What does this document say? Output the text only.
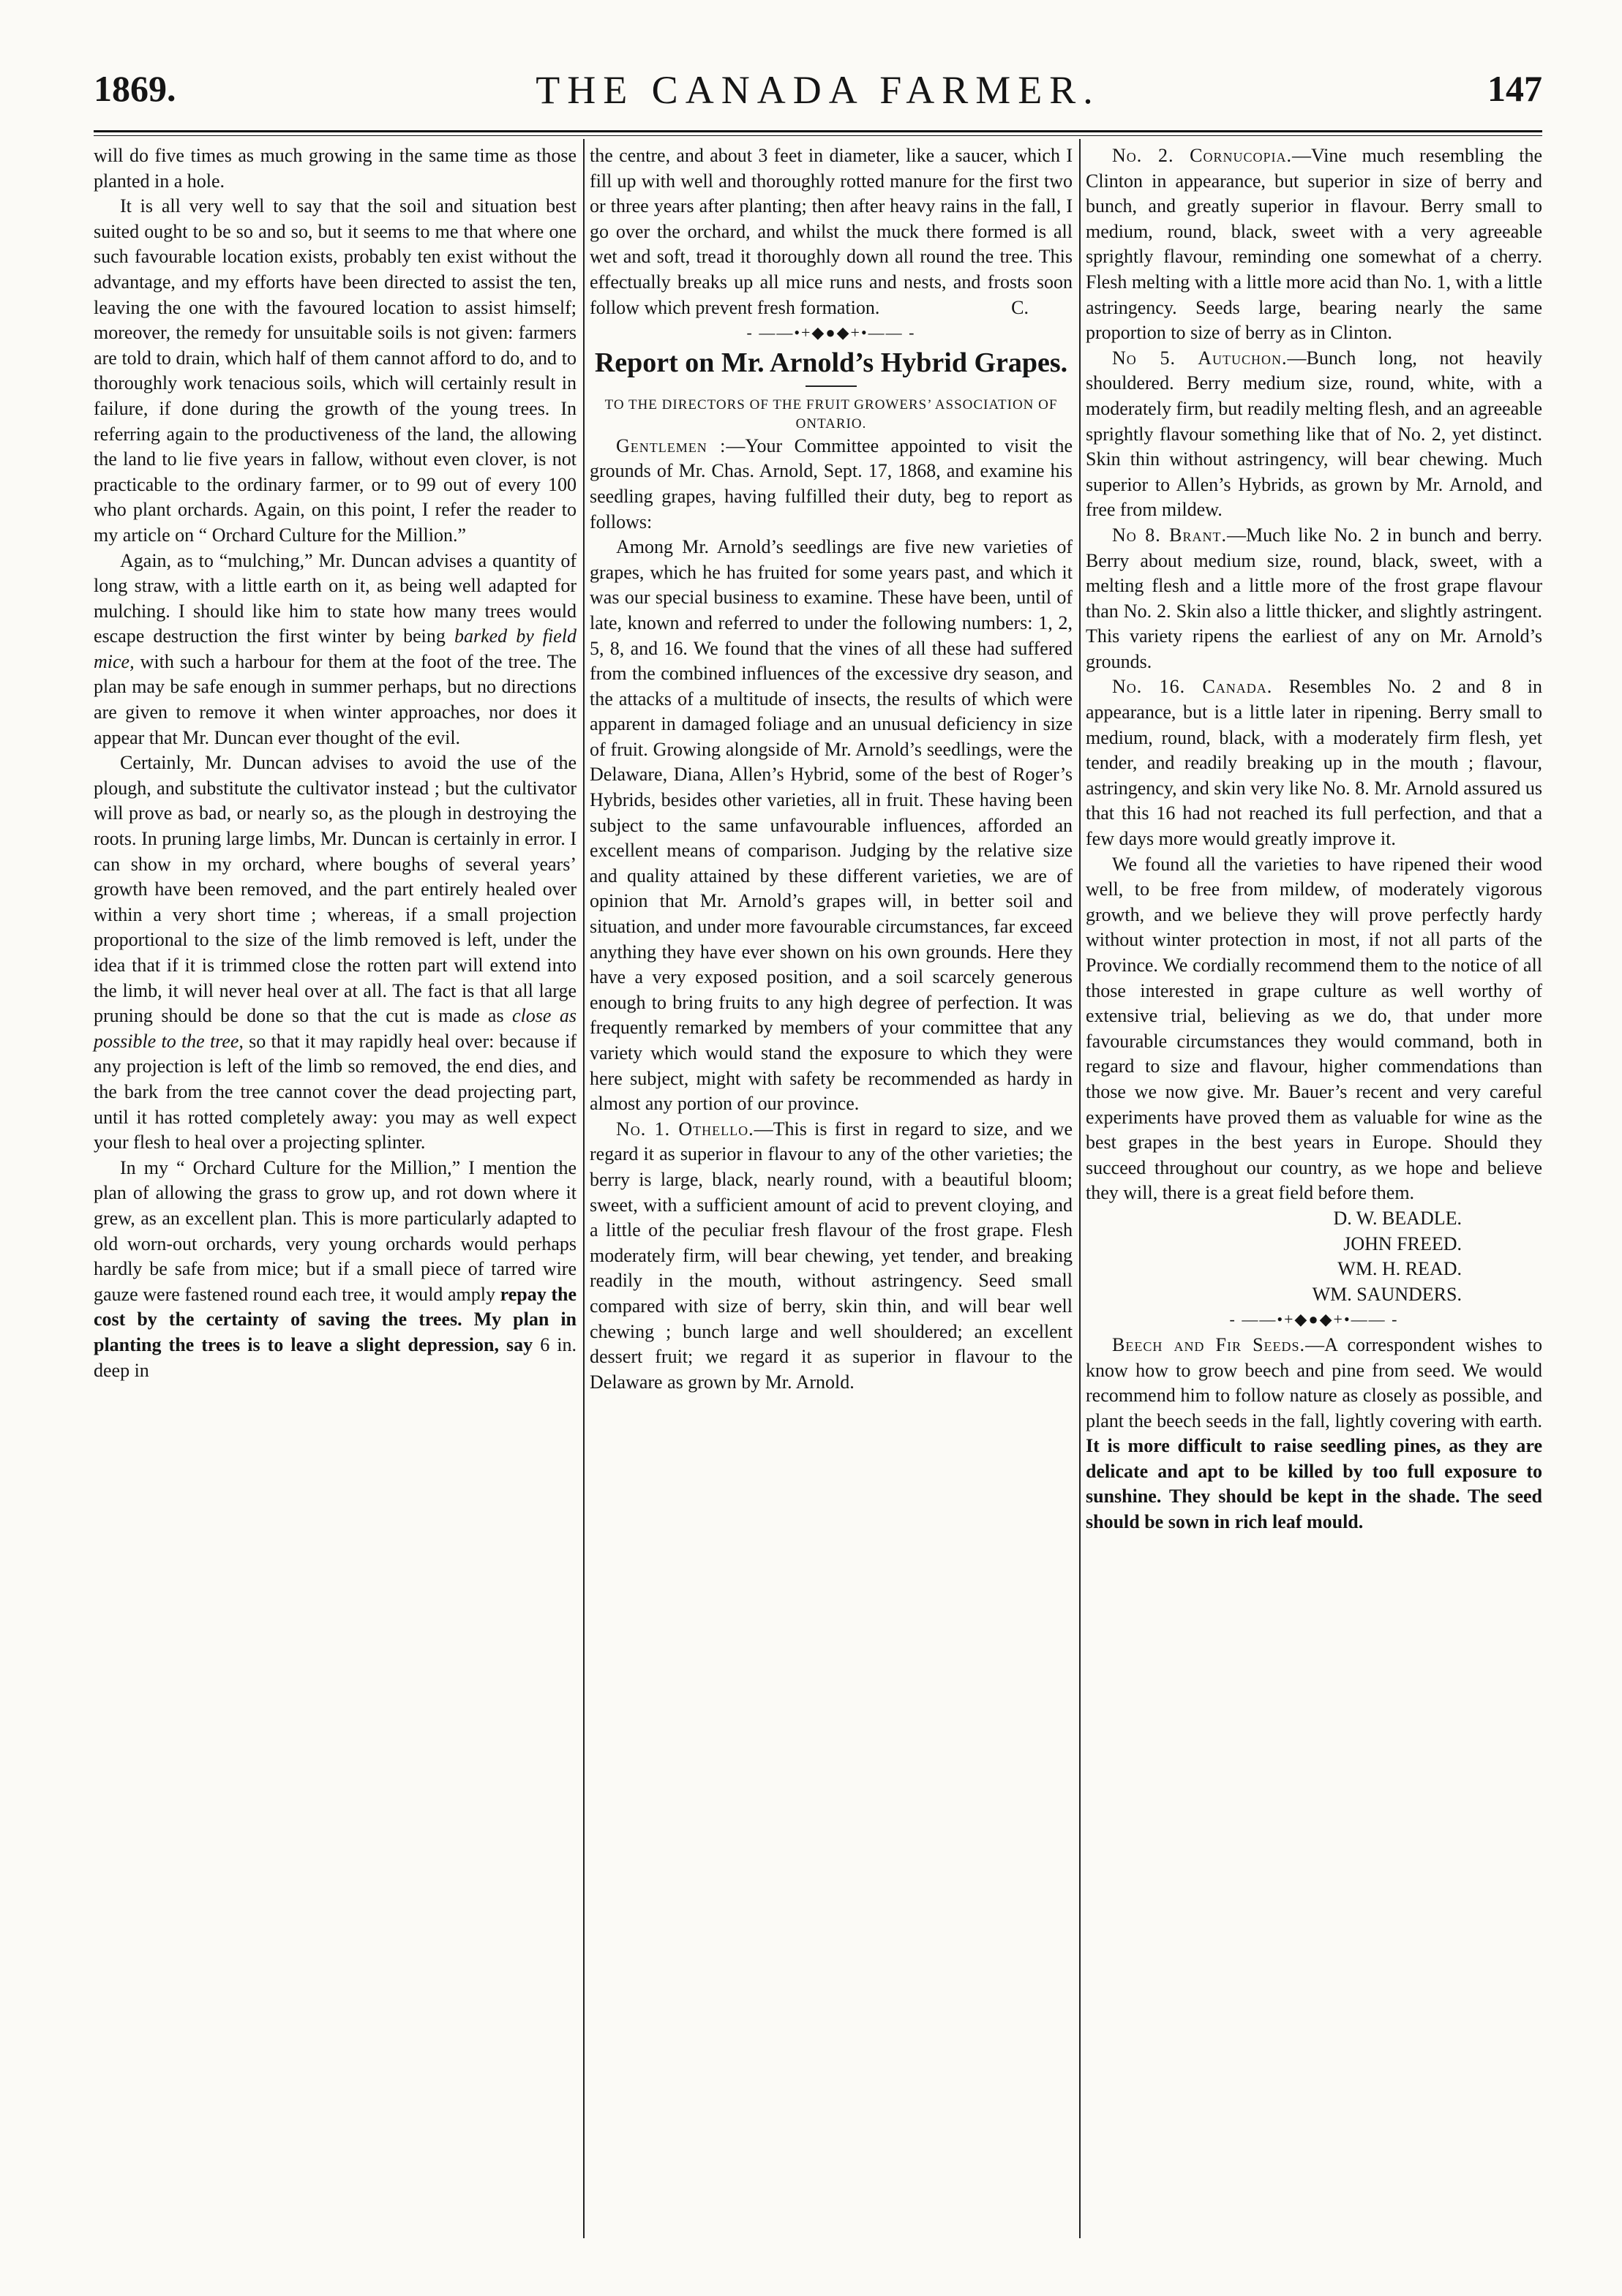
1869.	THE CANADA FARMER.	147

will do five times as much growing in the same time as those planted in a hole.

It is all very well to say that the soil and situation best suited ought to be so and so, but it seems to me that where one such favourable location exists, probably ten exist without the advantage, and my efforts have been directed to assist the ten, leaving the one with the favoured location to assist himself; moreover, the remedy for unsuitable soils is not given: farmers are told to drain, which half of them cannot afford to do, and to thoroughly work tenacious soils, which will certainly result in failure, if done during the growth of the young trees. In referring again to the productiveness of the land, the allowing the land to lie five years in fallow, without even clover, is not practicable to the ordinary farmer, or to 99 out of every 100 who plant orchards. Again, on this point, I refer the reader to my article on “ Orchard Culture for the Million.”

Again, as to “mulching,” Mr. Duncan advises a quantity of long straw, with a little earth on it, as being well adapted for mulching. I should like him to state how many trees would escape destruction the first winter by being barked by field mice, with such a harbour for them at the foot of the tree. The plan may be safe enough in summer perhaps, but no directions are given to remove it when winter approaches, nor does it appear that Mr. Duncan ever thought of the evil.

Certainly, Mr. Duncan advises to avoid the use of the plough, and substitute the cultivator instead ; but the cultivator will prove as bad, or nearly so, as the plough in destroying the roots. In pruning large limbs, Mr. Duncan is certainly in error. I can show in my orchard, where boughs of several years’ growth have been removed, and the part entirely healed over within a very short time ; whereas, if a small projection proportional to the size of the limb removed is left, under the idea that if it is trimmed close the rotten part will extend into the limb, it will never heal over at all. The fact is that all large pruning should be done so that the cut is made as close as possible to the tree, so that it may rapidly heal over: because if any projection is left of the limb so removed, the end dies, and the bark from the tree cannot cover the dead projecting part, until it has rotted completely away: you may as well expect your flesh to heal over a projecting splinter.

In my “ Orchard Culture for the Million,” I mention the plan of allowing the grass to grow up, and rot down where it grew, as an excellent plan. This is more particularly adapted to old worn-out orchards, very young orchards would perhaps hardly be safe from mice; but if a small piece of tarred wire gauze were fastened round each tree, it would amply repay the cost by the certainty of saving the trees. My plan in planting the trees is to leave a slight depression, say 6 in. deep in

the centre, and about 3 feet in diameter, like a saucer, which I fill up with well and thoroughly rotted manure for the first two or three years after planting; then after heavy rains in the fall, I go over the orchard, and whilst the muck there formed is all wet and soft, tread it thoroughly down all round the tree. This effectually breaks up all mice runs and nests, and frosts soon follow which prevent fresh formation.	C.

- ——•+◆●◆+•—— -

Report on Mr. Arnold’s Hybrid Grapes.

TO THE DIRECTORS OF THE FRUIT GROWERS’ ASSOCIATION OF ONTARIO.

Gentlemen :—Your Committee appointed to visit the grounds of Mr. Chas. Arnold, Sept. 17, 1868, and examine his seedling grapes, having fulfilled their duty, beg to report as follows:

Among Mr. Arnold’s seedlings are five new varieties of grapes, which he has fruited for some years past, and which it was our special business to examine. These have been, until of late, known and referred to under the following numbers: 1, 2, 5, 8, and 16. We found that the vines of all these had suffered from the combined influences of the excessive dry season, and the attacks of a multitude of insects, the results of which were apparent in damaged foliage and an unusual deficiency in size of fruit. Growing alongside of Mr. Arnold’s seedlings, were the Delaware, Diana, Allen’s Hybrid, some of the best of Roger’s Hybrids, besides other varieties, all in fruit. These having been subject to the same unfavourable influences, afforded an excellent means of comparison. Judging by the relative size and quality attained by these different varieties, we are of opinion that Mr. Arnold’s grapes will, in better soil and situation, and under more favourable circumstances, far exceed anything they have ever shown on his own grounds. Here they have a very exposed position, and a soil scarcely generous enough to bring fruits to any high degree of perfection. It was frequently remarked by members of your committee that any variety which would stand the exposure to which they were here subject, might with safety be recommended as hardy in almost any portion of our province.

No. 1. Othello.—This is first in regard to size, and we regard it as superior in flavour to any of the other varieties; the berry is large, black, nearly round, with a beautiful bloom; sweet, with a sufficient amount of acid to prevent cloying, and a little of the peculiar fresh flavour of the frost grape. Flesh moderately firm, will bear chewing, yet tender, and breaking readily in the mouth, without astringency. Seed small compared with size of berry, skin thin, and will bear well chewing ; bunch large and well shouldered; an excellent dessert fruit; we regard it as superior in flavour to the Delaware as grown by Mr. Arnold.

No. 2. Cornucopia.—Vine much resembling the Clinton in appearance, but superior in size of berry and bunch, and greatly superior in flavour. Berry small to medium, round, black, sweet with a very agreeable sprightly flavour, reminding one somewhat of a cherry. Flesh melting with a little more acid than No. 1, with a little astringency. Seeds large, bearing nearly the same proportion to size of berry as in Clinton.

No 5. Autuchon.—Bunch long, not heavily shouldered. Berry medium size, round, white, with a moderately firm, but readily melting flesh, and an agreeable sprightly flavour something like that of No. 2, yet distinct. Skin thin without astringency, will bear chewing. Much superior to Allen’s Hybrids, as grown by Mr. Arnold, and free from mildew.

No 8. Brant.—Much like No. 2 in bunch and berry. Berry about medium size, round, black, sweet, with a melting flesh and a little more of the frost grape flavour than No. 2. Skin also a little thicker, and slightly astringent. This variety ripens the earliest of any on Mr. Arnold’s grounds.

No. 16. Canada. Resembles No. 2 and 8 in appearance, but is a little later in ripening. Berry small to medium, round, black, with a moderately firm flesh, yet tender, and readily breaking up in the mouth ; flavour, astringency, and skin very like No. 8. Mr. Arnold assured us that this 16 had not reached its full perfection, and that a few days more would greatly improve it.

We found all the varieties to have ripened their wood well, to be free from mildew, of moderately vigorous growth, and we believe they will prove perfectly hardy without winter protection in most, if not all parts of the Province. We cordially recommend them to the notice of all those interested in grape culture as well worthy of extensive trial, believing as we do, that under more favourable circumstances they would command, both in regard to size and flavour, higher commendations than those we now give. Mr. Bauer’s recent and very careful experiments have proved them as valuable for wine as the best grapes in the best years in Europe. Should they succeed throughout our country, as we hope and believe they will, there is a great field before them.

D. W. BEADLE.

JOHN FREED.

WM. H. READ.

WM. SAUNDERS.

- ——•+◆●◆+•—— -

Beech and Fir Seeds.—A correspondent wishes to know how to grow beech and pine from seed. We would recommend him to follow nature as closely as possible, and plant the beech seeds in the fall, lightly covering with earth. It is more difficult to raise seedling pines, as they are delicate and apt to be killed by too full exposure to sunshine. They should be kept in the shade. The seed should be sown in rich leaf mould.
